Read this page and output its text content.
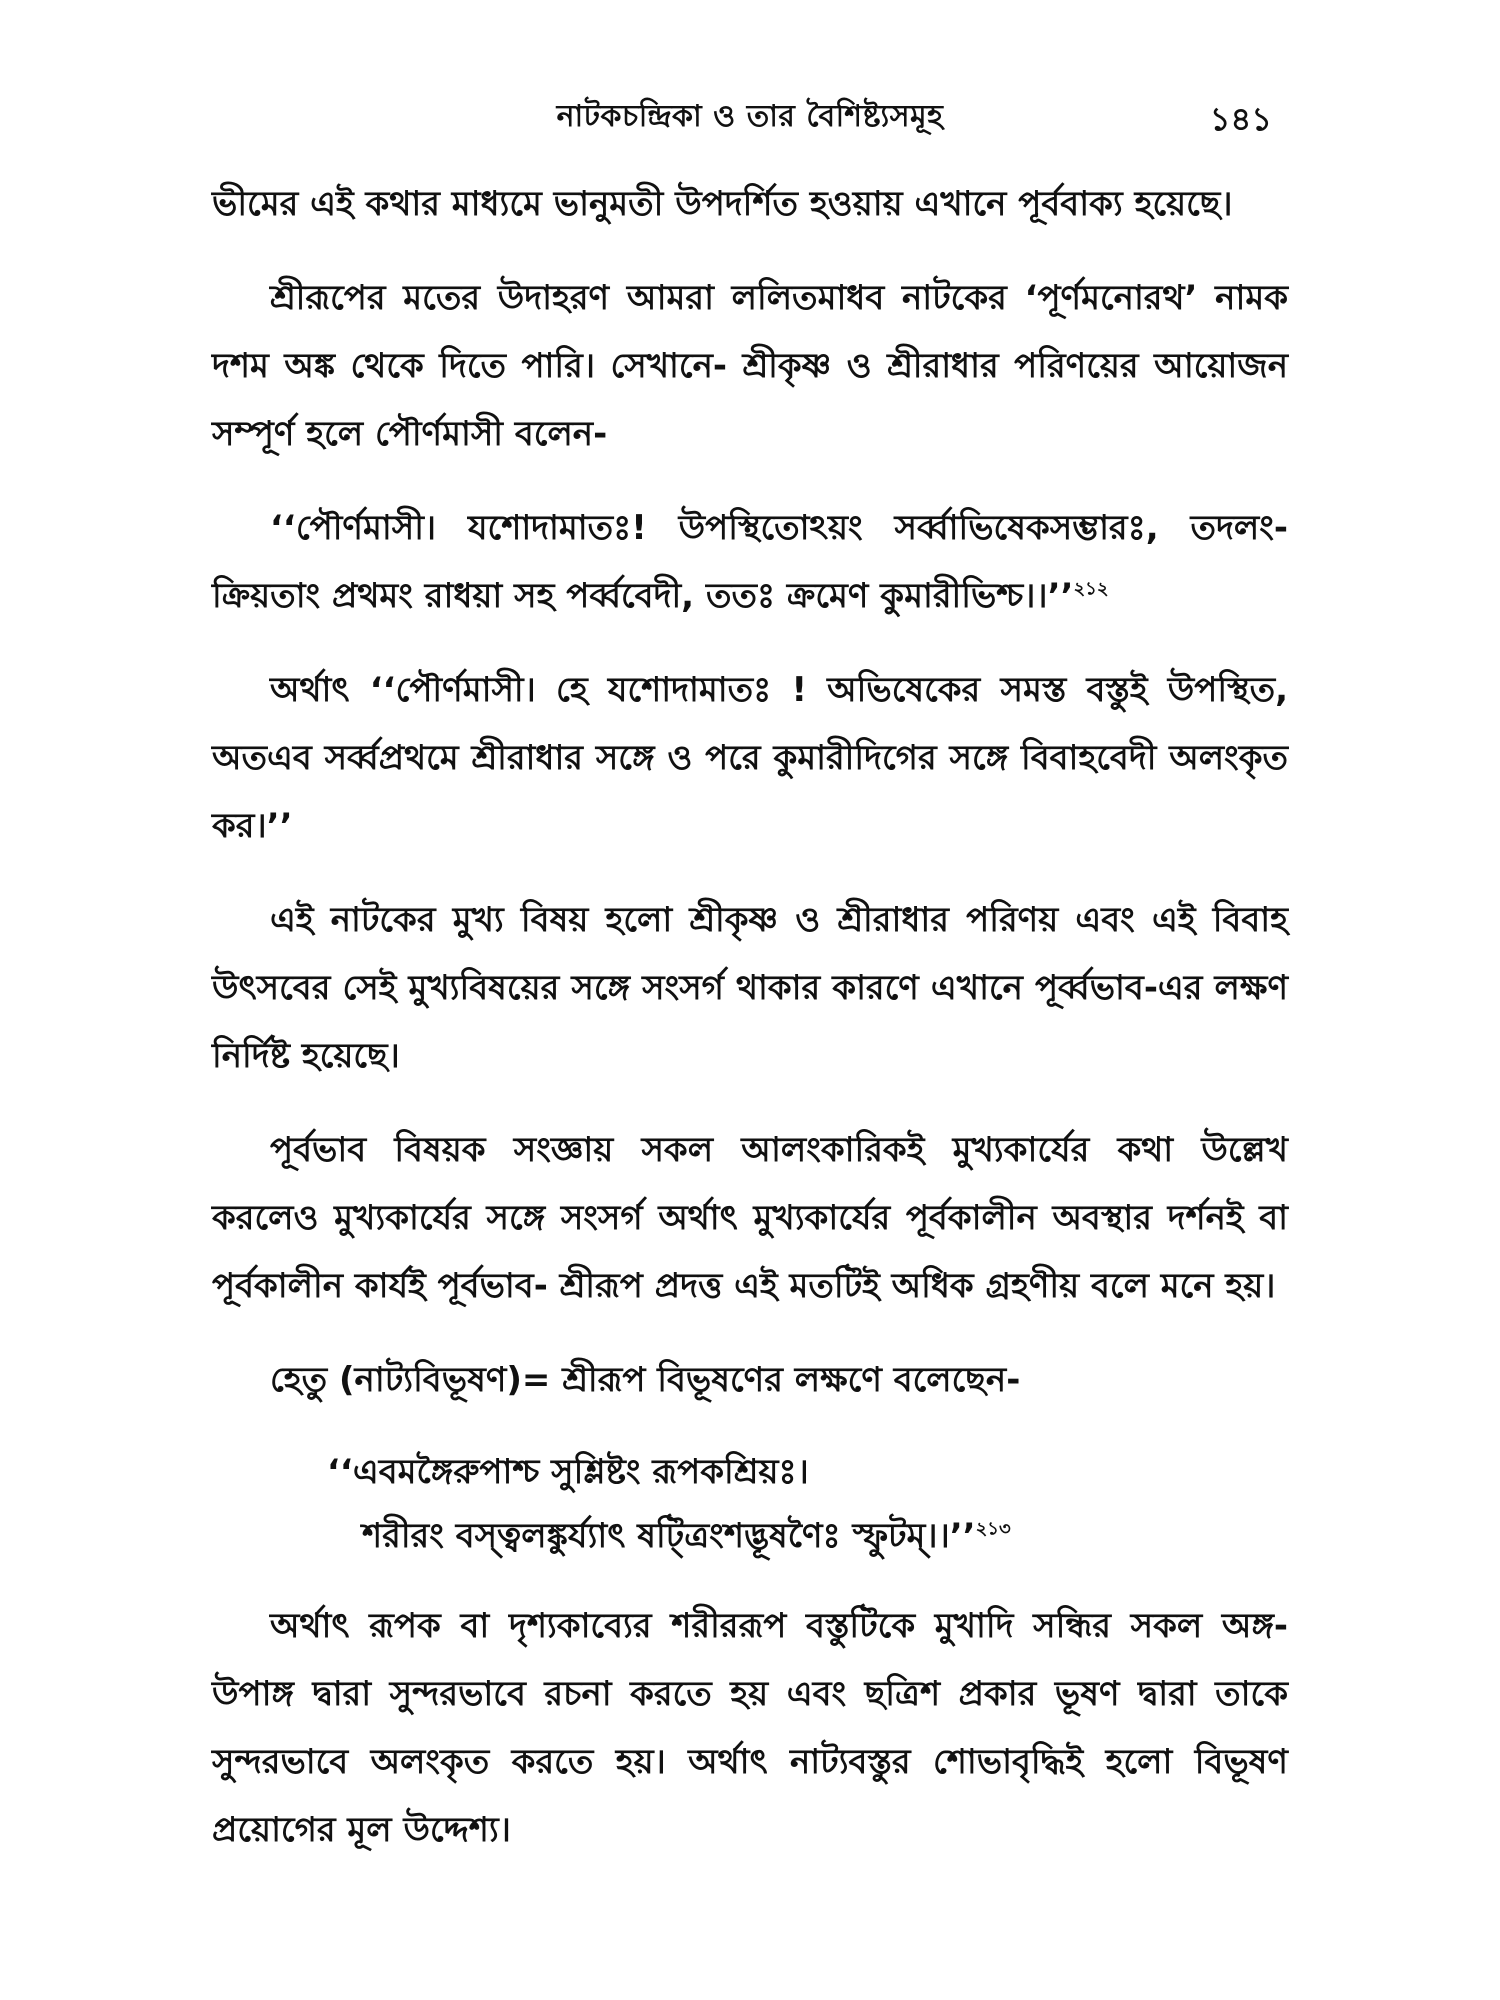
নাটকচন্দ্রিকা ও তার বৈশিষ্ট্যসমূহ	১৪১

ভীমের এই কথার মাধ্যমে ভানুমতী উপদর্শিত হওয়ায় এখানে পূর্ববাক্য হয়েছে।

শ্রীরূপের মতের উদাহরণ আমরা ললিতমাধব নাটকের ‘পূর্ণমনোরথ’ নামক দশম অঙ্ক থেকে দিতে পারি। সেখানে- শ্রীকৃষ্ণ ও শ্রীরাধার পরিণয়ের আয়োজন সম্পূর্ণ হলে পৌর্ণমাসী বলেন-

‘‘পৌর্ণমাসী। যশোদামাতঃ! উপস্থিতোঽয়ং সর্ব্বাভিষেকসম্ভারঃ, তদলং-ক্রিয়তাং প্রথমং রাধয়া সহ পর্ব্ববেদী, ততঃ ক্রমেণ কুমারীভিশ্চ।।’’$^{২১২}$

অর্থাৎ ‘‘পৌর্ণমাসী। হে যশোদামাতঃ ! অভিষেকের সমস্ত বস্তুই উপস্থিত, অতএব সর্ব্বপ্রথমে শ্রীরাধার সঙ্গে ও পরে কুমারীদিগের সঙ্গে বিবাহবেদী অলংকৃত কর।’’

এই নাটকের মুখ্য বিষয় হলো শ্রীকৃষ্ণ ও শ্রীরাধার পরিণয় এবং এই বিবাহ উৎসবের সেই মুখ্যবিষয়ের সঙ্গে সংসর্গ থাকার কারণে এখানে পূর্ব্বভাব-এর লক্ষণ নির্দিষ্ট হয়েছে।

পূর্বভাব বিষয়ক সংজ্ঞায় সকল আলংকারিকই মুখ্যকার্যের কথা উল্লেখ করলেও মুখ্যকার্যের সঙ্গে সংসর্গ অর্থাৎ মুখ্যকার্যের পূর্বকালীন অবস্থার দর্শনই বা পূর্বকালীন কার্যই পূর্বভাব- শ্রীরূপ প্রদত্ত এই মতটিই অধিক গ্রহণীয় বলে মনে হয়।

হেতু (নাট্যবিভূষণ)= শ্রীরূপ বিভূষণের লক্ষণে বলেছেন-

‘‘এবমঙ্গৈরুপাশ্চ সুশ্লিষ্টং রূপকশ্রিয়ঃ।
শরীরং বস্ত্বলঙ্কুর্য্যাৎ ষট্ত্রিংশদ্ভূষণৈঃ স্ফুটম্।।’’$^{২১৩}$

অর্থাৎ রূপক বা দৃশ্যকাব্যের শরীররূপ বস্তুটিকে মুখাদি সন্ধির সকল অঙ্গ-উপাঙ্গ দ্বারা সুন্দরভাবে রচনা করতে হয় এবং ছত্রিশ প্রকার ভূষণ দ্বারা তাকে সুন্দরভাবে অলংকৃত করতে হয়। অর্থাৎ নাট্যবস্তুর শোভাবৃদ্ধিই হলো বিভূষণ প্রয়োগের মূল উদ্দেশ্য।
